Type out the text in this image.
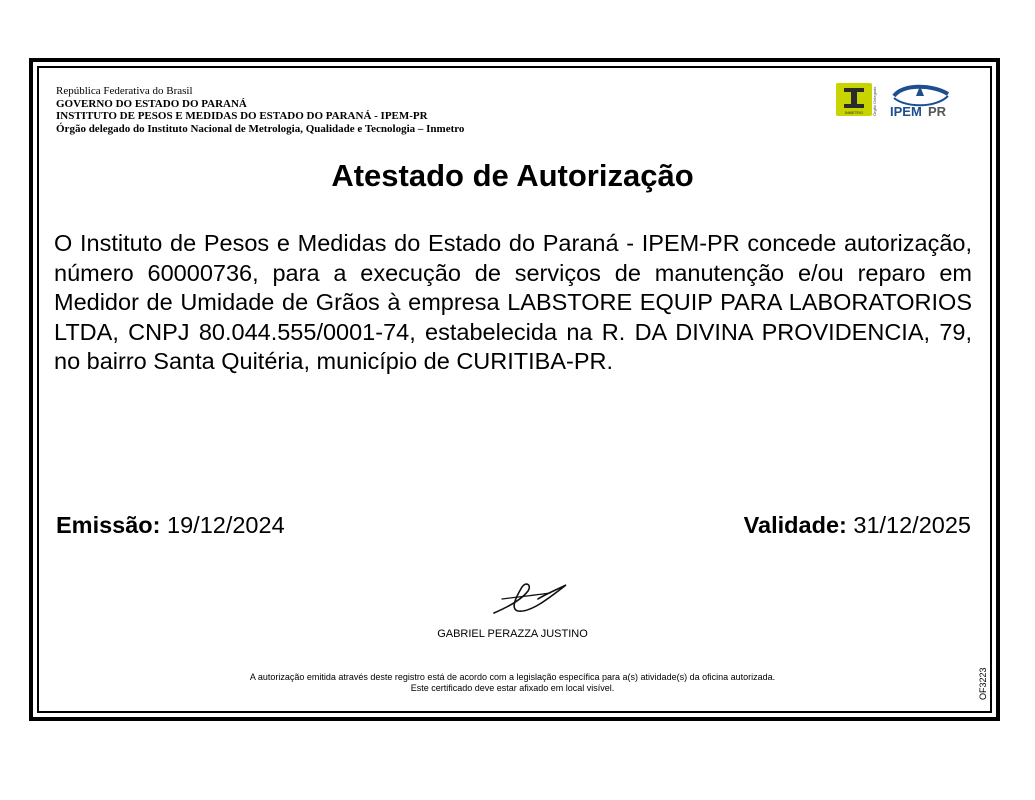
República Federativa do Brasil
GOVERNO DO ESTADO DO PARANÁ
INSTITUTO DE PESOS E MEDIDAS DO ESTADO DO PARANÁ - IPEM-PR
Órgão delegado do Instituto Nacional de Metrologia, Qualidade e Tecnologia – Inmetro
INMETRO Órgão Delegado IPEM PR
Atestado de Autorização
O Instituto de Pesos e Medidas do Estado do Paraná - IPEM-PR concede autorização, número 60000736, para a execução de serviços de manutenção e/ou reparo em Medidor de Umidade de Grãos à empresa LABSTORE EQUIP PARA LABORATORIOS LTDA, CNPJ 80.044.555/0001-74, estabelecida na R. DA DIVINA PROVIDENCIA, 79, no bairro Santa Quitéria, município de CURITIBA-PR.
Emissão: 19/12/2024	Validade: 31/12/2025
GABRIEL PERAZZA JUSTINO
A autorização emitida através deste registro está de acordo com a legislação específica para a(s) atividade(s) da oficina autorizada.
Este certificado deve estar afixado em local visível.	OF3223
